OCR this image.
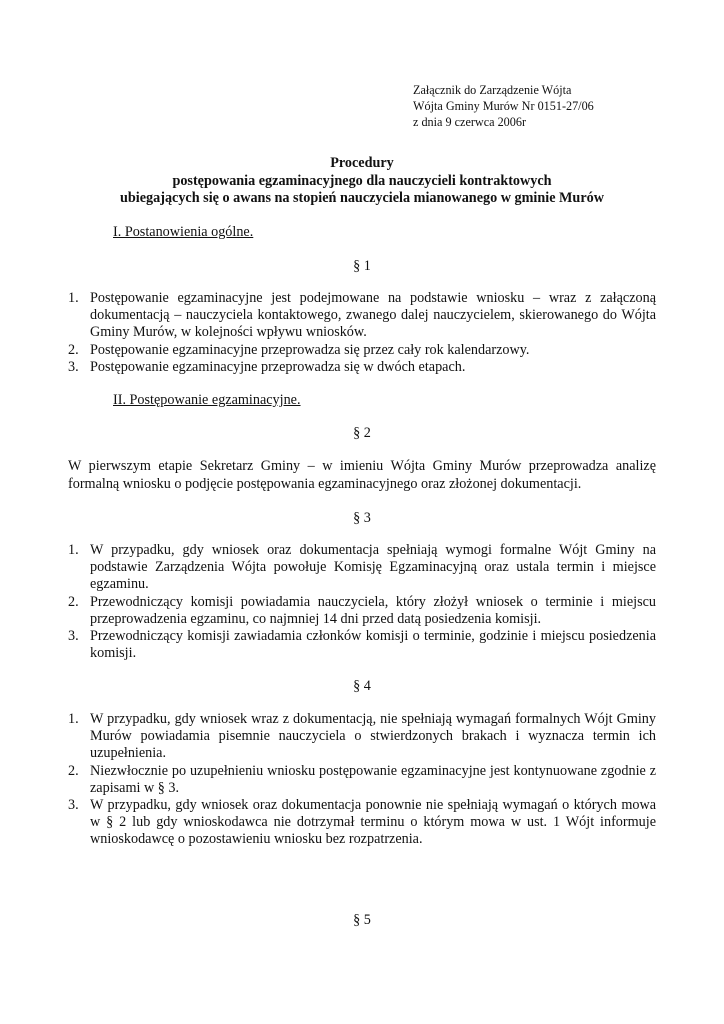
Załącznik do Zarządzenie Wójta
Wójta Gminy Murów Nr 0151-27/06
z dnia 9 czerwca 2006r
Procedury
postępowania egzaminacyjnego dla nauczycieli kontraktowych
ubiegających się o awans na stopień nauczyciela mianowanego w gminie Murów
I. Postanowienia ogólne.
§ 1
1. Postępowanie egzaminacyjne jest podejmowane na podstawie wniosku – wraz z załączoną dokumentacją – nauczyciela kontaktowego, zwanego dalej nauczycielem, skierowanego do Wójta Gminy Murów, w kolejności wpływu wniosków.
2. Postępowanie egzaminacyjne przeprowadza się przez cały rok kalendarzowy.
3. Postępowanie egzaminacyjne przeprowadza się w dwóch etapach.
II. Postępowanie egzaminacyjne.
§ 2
W pierwszym etapie Sekretarz Gminy – w imieniu Wójta Gminy Murów przeprowadza analizę formalną wniosku o podjęcie postępowania egzaminacyjnego oraz złożonej dokumentacji.
§ 3
1. W przypadku, gdy wniosek oraz dokumentacja spełniają wymogi formalne Wójt Gminy na podstawie Zarządzenia Wójta powołuje Komisję Egzaminacyjną oraz ustala termin i miejsce egzaminu.
2. Przewodniczący komisji powiadamia nauczyciela, który złożył wniosek o terminie i miejscu przeprowadzenia egzaminu, co najmniej 14 dni przed datą posiedzenia komisji.
3. Przewodniczący komisji zawiadamia członków komisji o terminie, godzinie i miejscu posiedzenia komisji.
§ 4
1. W przypadku, gdy wniosek wraz z dokumentacją, nie spełniają wymagań formalnych Wójt Gminy Murów powiadamia pisemnie nauczyciela o stwierdzonych brakach i wyznacza termin ich uzupełnienia.
2. Niezwłocznie po uzupełnieniu wniosku postępowanie egzaminacyjne jest kontynuowane zgodnie z zapisami w § 3.
3. W przypadku, gdy wniosek oraz dokumentacja ponownie nie spełniają wymagań o których mowa w § 2 lub gdy wnioskodawca nie dotrzymał terminu o którym mowa w ust. 1 Wójt informuje wnioskodawcę o pozostawieniu wniosku bez rozpatrzenia.
§ 5
